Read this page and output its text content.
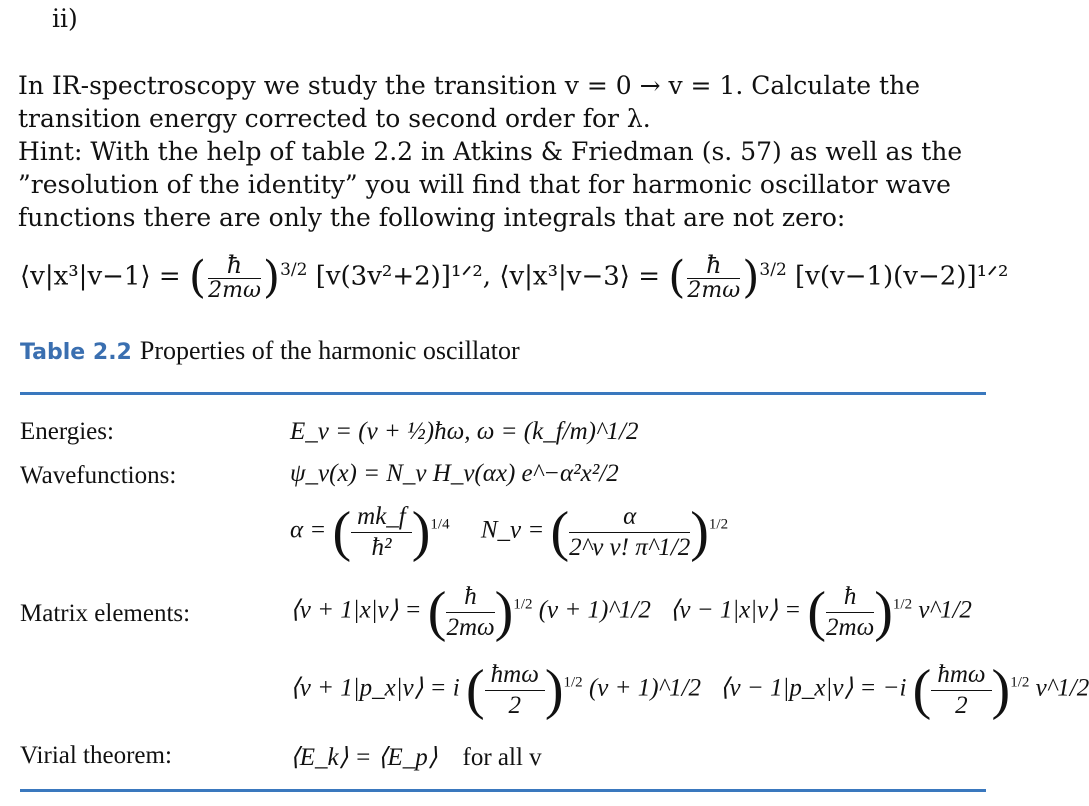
ii)
In IR-spectroscopy we study the transition v = 0 → v = 1. Calculate the transition energy corrected to second order for λ.
Hint: With the help of table 2.2 in Atkins & Friedman (s. 57) as well as the ”resolution of the identity” you will find that for harmonic oscillator wave functions there are only the following integrals that are not zero:
⟨v|x³|v−1⟩ = ( $\frac{ħ}{2m\omega} )^{3/2}$ [v(3v²+2)]¹ᐟ², ⟨v|x³|v−3⟩ = ( $\frac{ħ}{2m\omega} )^{3/2}$ [v(v−1)(v−2)]¹ᐟ²
Table 2.2 Properties of the harmonic oscillator
Energies:	E_v = (v + ½)ħω, ω = (k_f/m)^1/2
Wavefunctions:	ψ_v(x) = N_v H_v(αx) e^−α²x²/2
α = ( $\frac{mk\_f}{\text{ħ²}} )^{1/4}$ N_v = ( $\frac{\alpha}{\text{2\textasciicircum{}v v! π\textasciicircum{}1/2}} )^{1/2}$
Matrix elements:	⟨v + 1|x|v⟩ = ( $\frac{ħ}{2m\omega} )^{1/2}$ (v + 1)^1/2 ⟨v − 1|x|v⟩ = ( $\frac{ħ}{2m\omega} )^{1/2}$ v^1/2
⟨v + 1|p_x|v⟩ = i ( ħmω
2 )$^{1/2}$ (v + 1)^1/2 ⟨v − 1|p_x|v⟩ = −i ( ħmω
2 )$^{1/2}$ v^1/2
Virial theorem:	⟨E_k⟩ = ⟨E_p⟩ for all v
